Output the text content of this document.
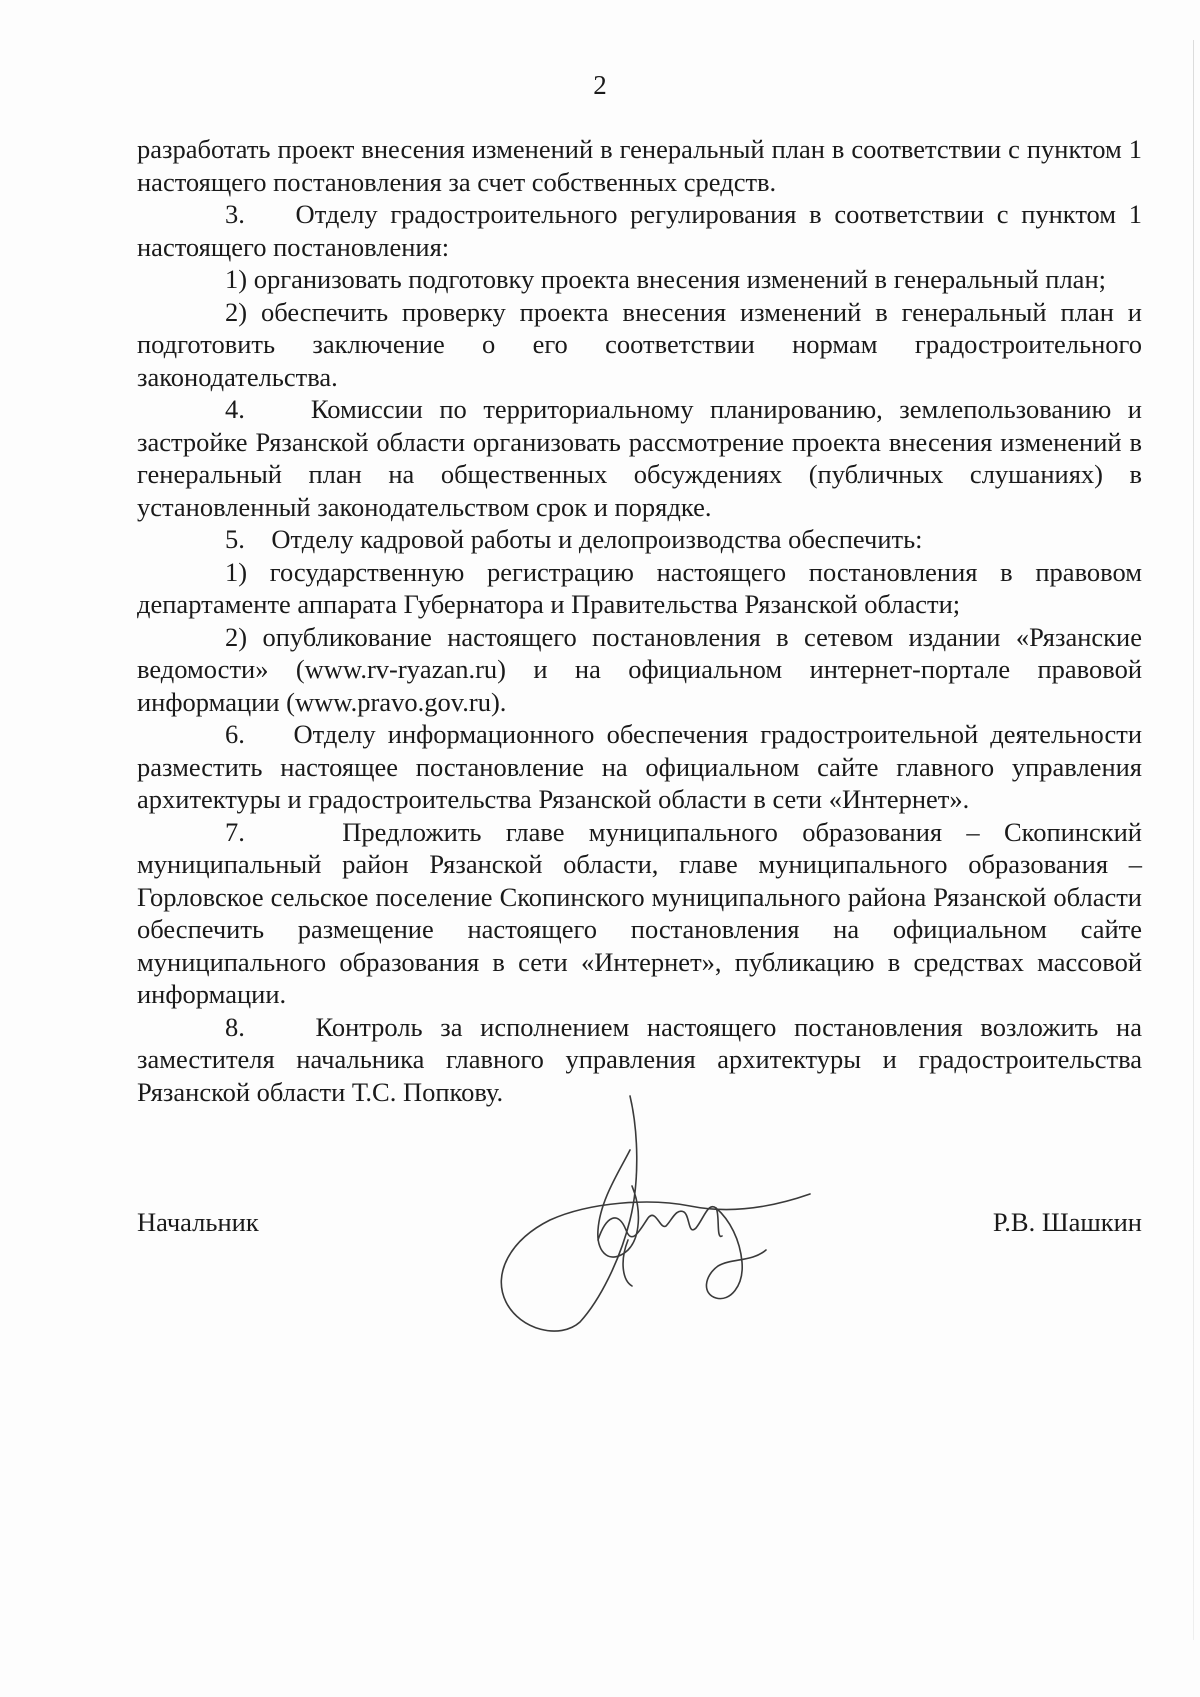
2

разработать проект внесения изменений в генеральный план в соответствии с пунктом 1 настоящего постановления за счет собственных средств.

3.    Отделу градостроительного регулирования в соответствии с пунктом 1 настоящего постановления:

1) организовать подготовку проекта внесения изменений в генеральный план;

2) обеспечить проверку проекта внесения изменений в генеральный план и подготовить заключение о его соответствии нормам градостроительного законодательства.

4.    Комиссии по территориальному планированию, землепользованию и застройке Рязанской области организовать рассмотрение проекта внесения изменений в генеральный план на общественных обсуждениях (публичных слушаниях) в установленный законодательством срок и порядке.

5.    Отделу кадровой работы и делопроизводства обеспечить:

1) государственную регистрацию настоящего постановления в правовом департаменте аппарата Губернатора и Правительства Рязанской области;

2) опубликование настоящего постановления в сетевом издании «Рязанские ведомости» (www.rv-ryazan.ru) и на официальном интернет-портале правовой информации (www.pravo.gov.ru).

6.    Отделу информационного обеспечения градостроительной деятельности разместить настоящее постановление на официальном сайте главного управления архитектуры и градостроительства Рязанской области в сети «Интернет».

7.    Предложить главе муниципального образования – Скопинский муниципальный район Рязанской области, главе муниципального образования – Горловское сельское поселение Скопинского муниципального района Рязанской области обеспечить размещение настоящего постановления на официальном сайте муниципального образования в сети «Интернет», публикацию в средствах массовой информации.

8.    Контроль за исполнением настоящего постановления возложить на заместителя начальника главного управления архитектуры и градостроительства Рязанской области Т.С. Попкову.

Начальник	Р.В. Шашкин
